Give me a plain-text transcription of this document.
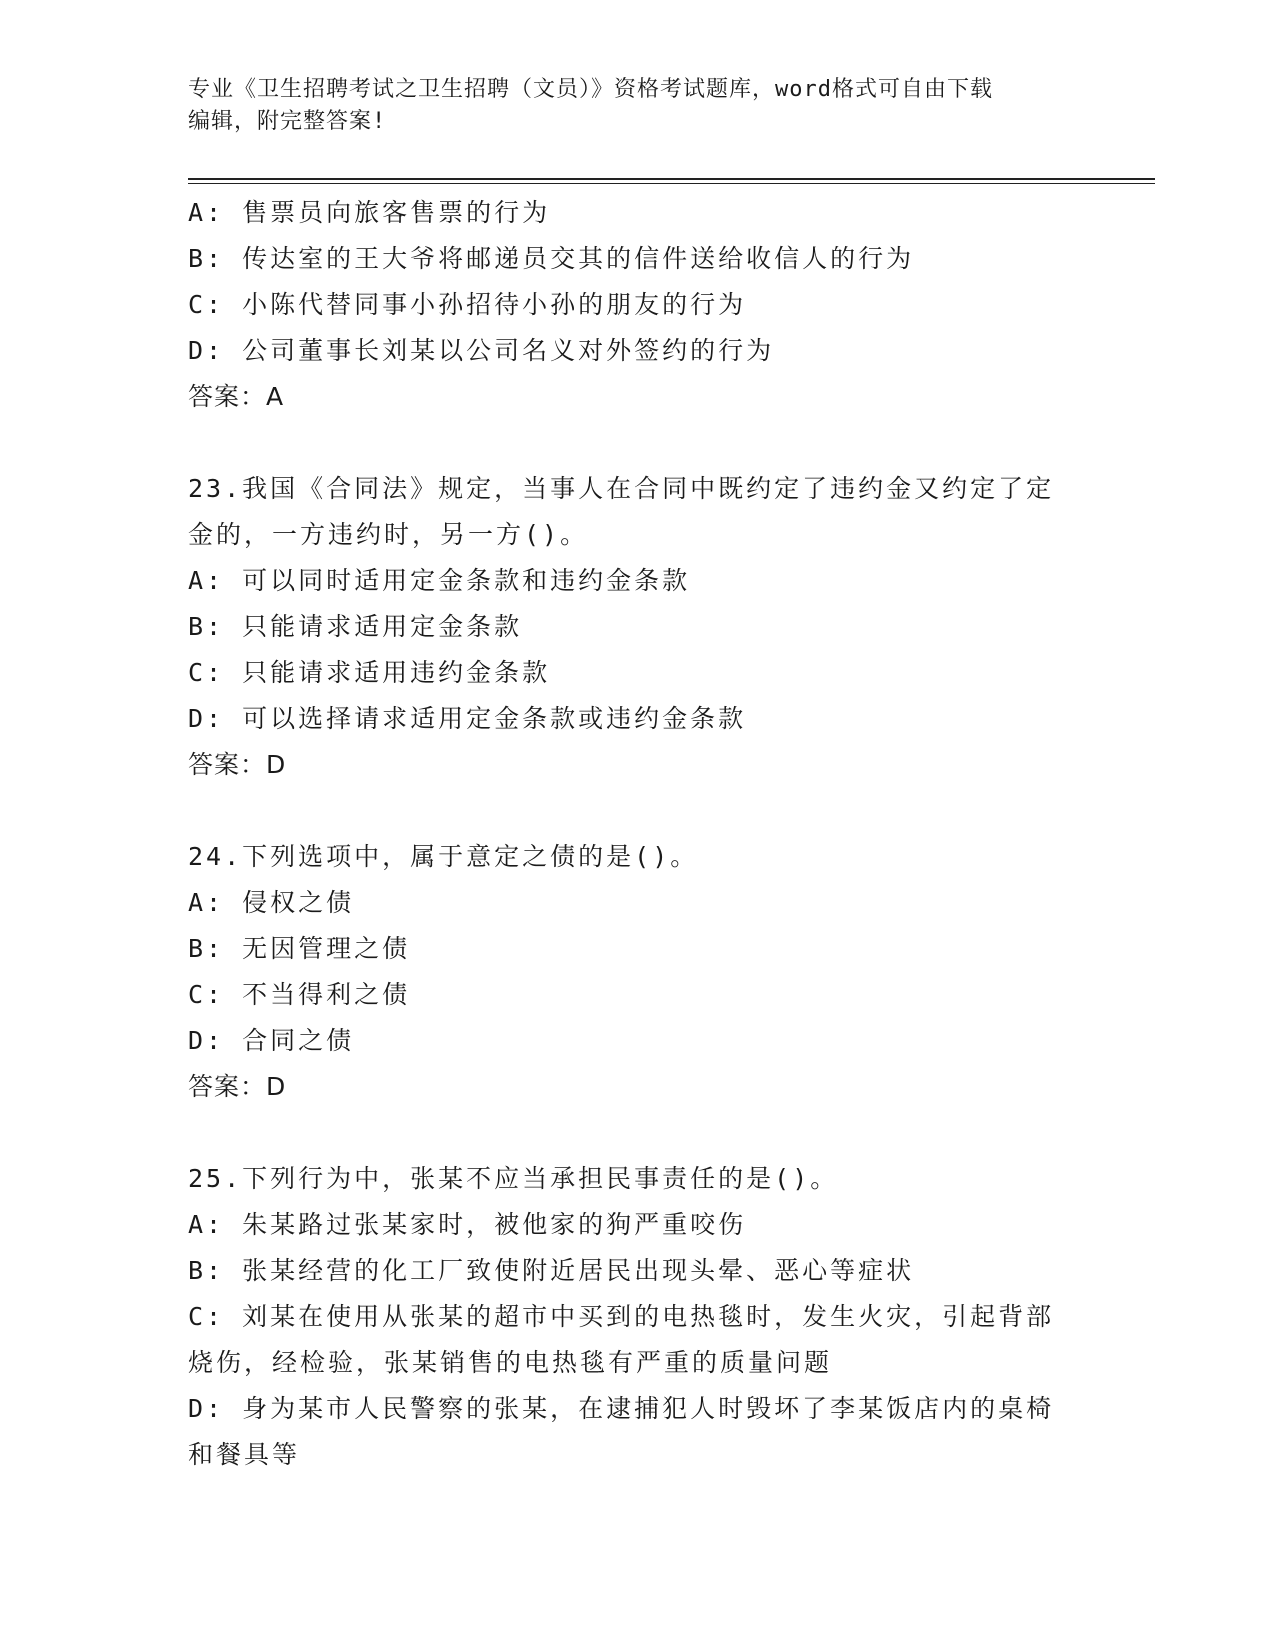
专业《卫生招聘考试之卫生招聘（文员）》资格考试题库，word格式可自由下载
编辑，附完整答案!

A: 售票员向旅客售票的行为

B: 传达室的王大爷将邮递员交其的信件送给收信人的行为

C: 小陈代替同事小孙招待小孙的朋友的行为

D: 公司董事长刘某以公司名义对外签约的行为

答案：A

23.我国《合同法》规定，当事人在合同中既约定了违约金又约定了定

金的，一方违约时，另一方()。

A: 可以同时适用定金条款和违约金条款

B: 只能请求适用定金条款

C: 只能请求适用违约金条款

D: 可以选择请求适用定金条款或违约金条款

答案：D

24.下列选项中，属于意定之债的是()。

A: 侵权之债

B: 无因管理之债

C: 不当得利之债

D: 合同之债

答案：D

25.下列行为中，张某不应当承担民事责任的是()。

A: 朱某路过张某家时，被他家的狗严重咬伤

B: 张某经营的化工厂致使附近居民出现头晕、恶心等症状

C: 刘某在使用从张某的超市中买到的电热毯时，发生火灾，引起背部

烧伤，经检验，张某销售的电热毯有严重的质量问题

D: 身为某市人民警察的张某，在逮捕犯人时毁坏了李某饭店内的桌椅

和餐具等
